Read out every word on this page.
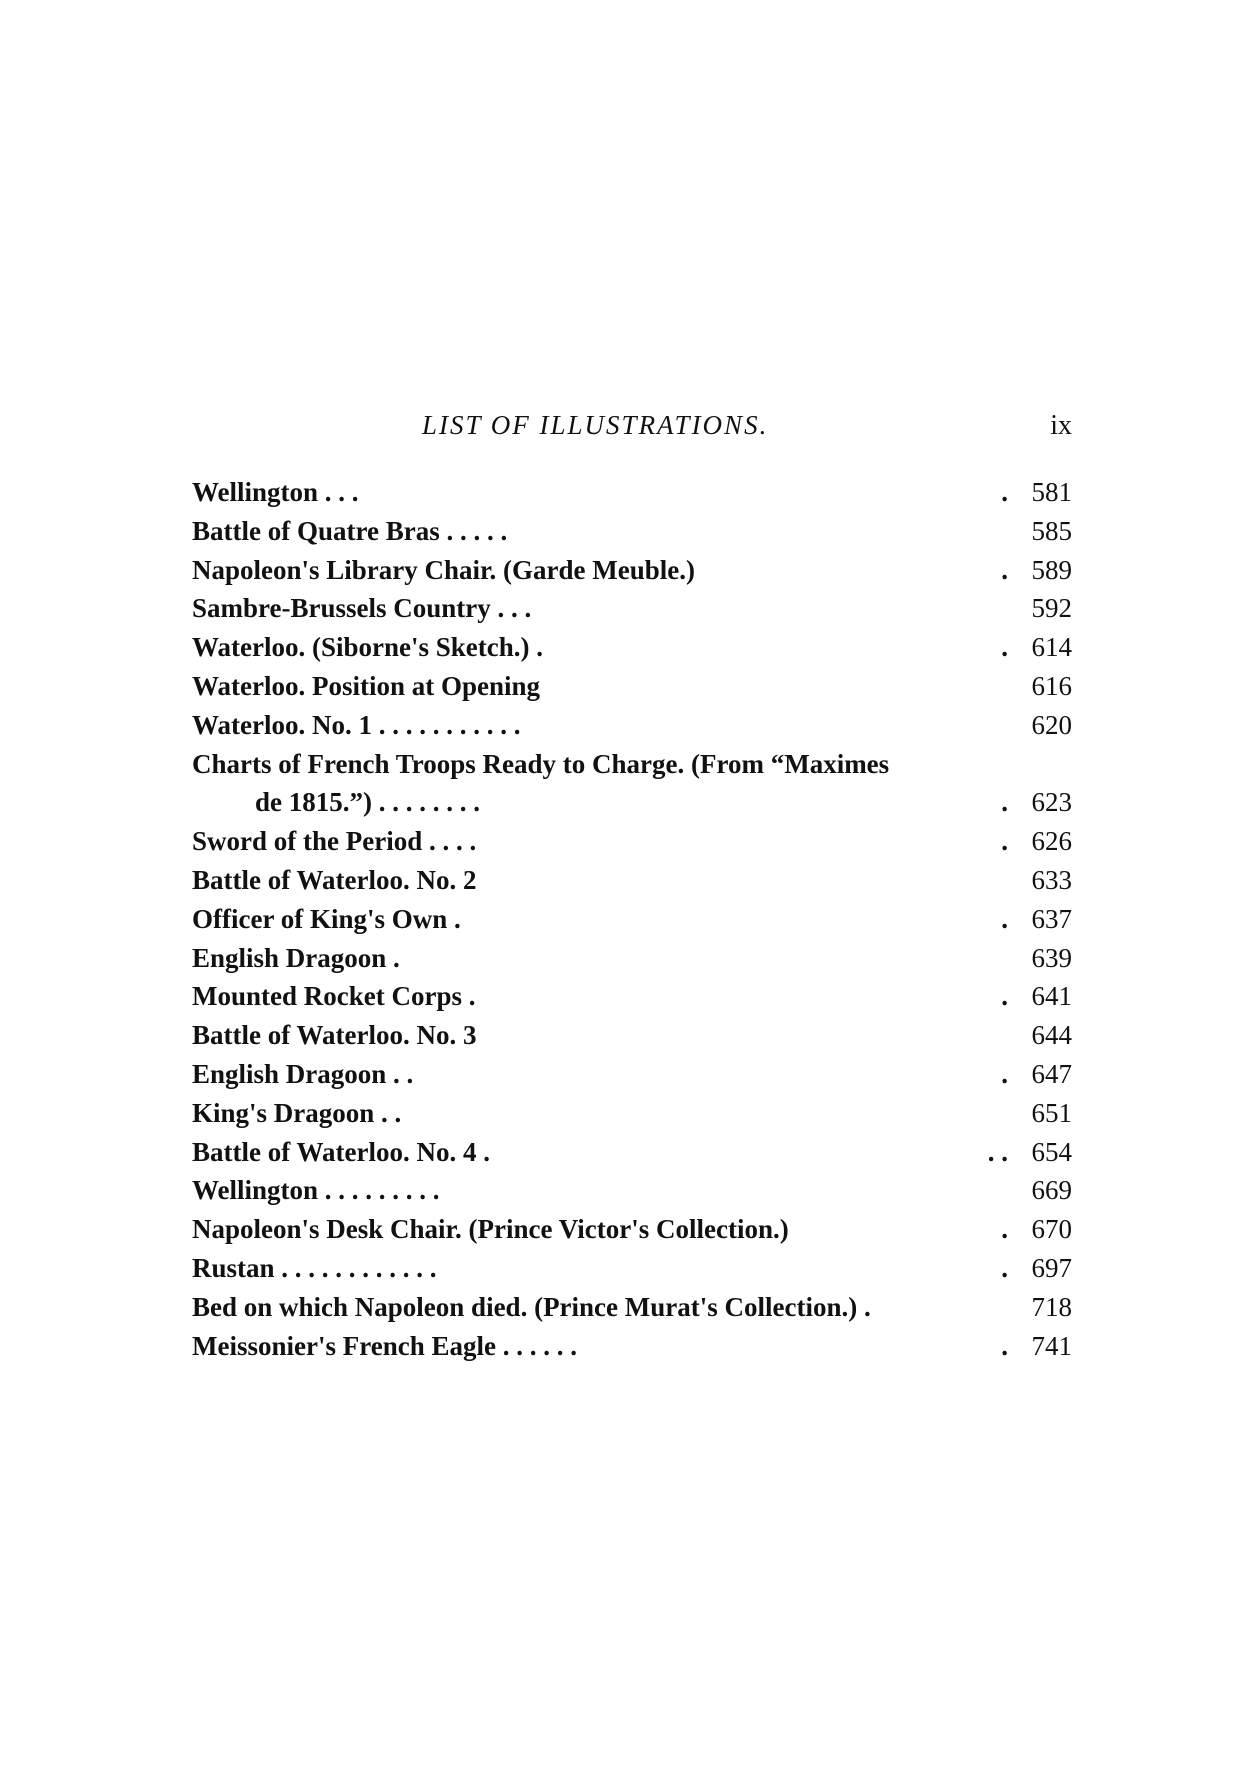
LIST OF ILLUSTRATIONS.	ix
Wellington . . .	. 581
Battle of Quatre Bras . . . . .	585
Napoleon's Library Chair. (Garde Meuble.)	. 589
Sambre-Brussels Country . . .	592
Waterloo. (Siborne's Sketch.) .	. 614
Waterloo. Position at Opening	616
Waterloo. No. 1 . . . . . . . . . . .	620
Charts of French Troops Ready to Charge. (From “Maximes
de 1815.”) . . . . . . . .	. 623
Sword of the Period . . . .	. 626
Battle of Waterloo. No. 2	633
Officer of King's Own .	. 637
English Dragoon .	639
Mounted Rocket Corps .	. 641
Battle of Waterloo. No. 3	644
English Dragoon . .	. 647
King's Dragoon . .	651
Battle of Waterloo. No. 4 .	. . 654
Wellington . . . . . . . . .	669
Napoleon's Desk Chair. (Prince Victor's Collection.)	. 670
Rustan . . . . . . . . . . . .	. 697
Bed on which Napoleon died. (Prince Murat's Collection.) .	718
Meissonier's French Eagle . . . . . .	. 741
